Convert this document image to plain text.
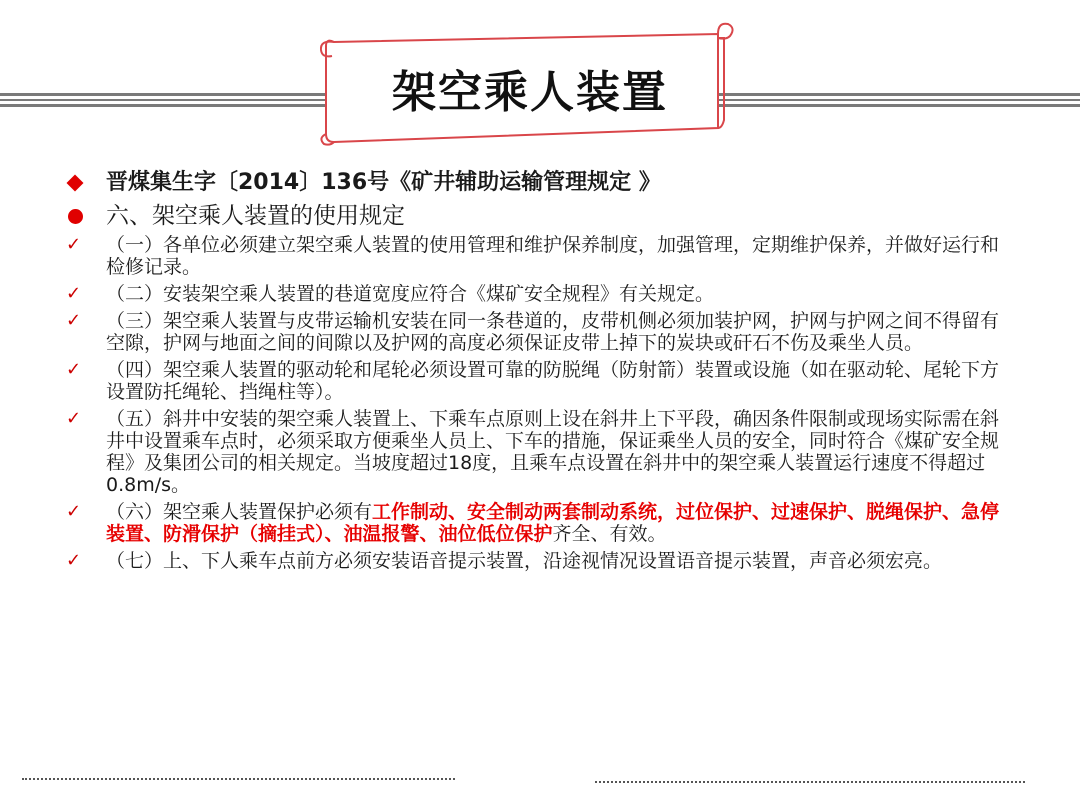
架空乘人装置
晋煤集生字〔2014〕136号《矿井辅助运输管理规定 》
六、架空乘人装置的使用规定
✓ （一）各单位必须建立架空乘人装置的使用管理和维护保养制度，加强管理，定期维护保养，并做好运行和检修记录。
✓ （二）安装架空乘人装置的巷道宽度应符合《煤矿安全规程》有关规定。
✓ （三）架空乘人装置与皮带运输机安装在同一条巷道的，皮带机侧必须加装护网，护网与护网之间不得留有空隙，护网与地面之间的间隙以及护网的高度必须保证皮带上掉下的炭块或矸石不伤及乘坐人员。
✓ （四）架空乘人装置的驱动轮和尾轮必须设置可靠的防脱绳（防射箭）装置或设施（如在驱动轮、尾轮下方设置防托绳轮、挡绳柱等）。
✓ （五）斜井中安装的架空乘人装置上、下乘车点原则上设在斜井上下平段，确因条件限制或现场实际需在斜井中设置乘车点时，必须采取方便乘坐人员上、下车的措施，保证乘坐人员的安全，同时符合《煤矿安全规程》及集团公司的相关规定。当坡度超过18度，且乘车点设置在斜井中的架空乘人装置运行速度不得超过0.8m/s。
✓ （六）架空乘人装置保护必须有工作制动、安全制动两套制动系统，过位保护、过速保护、脱绳保护、急停装置、防滑保护（摘挂式）、油温报警、油位低位保护齐全、有效。
✓ （七）上、下人乘车点前方必须安装语音提示装置，沿途视情况设置语音提示装置，声音必须宏亮。
